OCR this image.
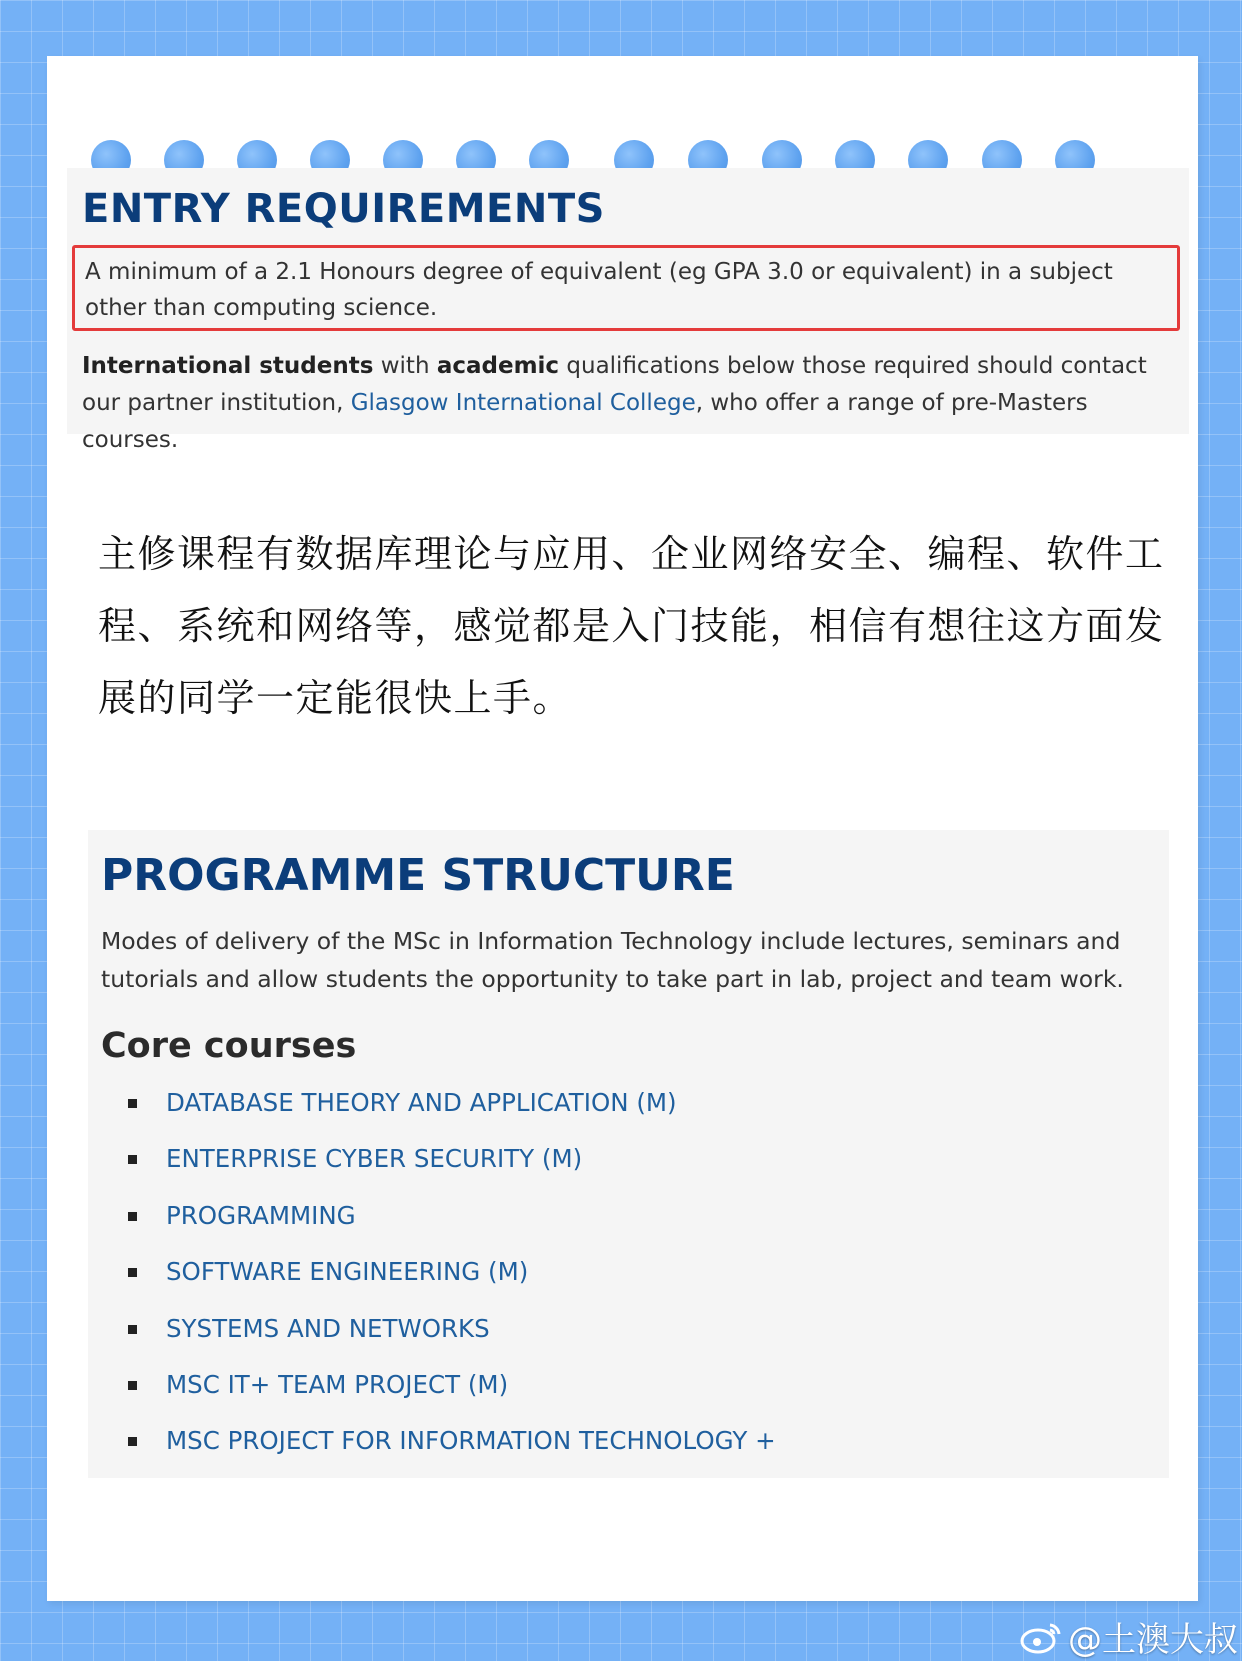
ENTRY REQUIREMENTS
A minimum of a 2.1 Honours degree of equivalent (eg GPA 3.0 or equivalent) in a subject other than computing science.

International students with academic qualifications below those required should contact our partner institution, Glasgow International College, who offer a range of pre-Masters courses.

主修课程有数据库理论与应用、企业网络安全、编程、软件工程、系统和网络等，感觉都是入门技能，相信有想往这方面发展的同学一定能很快上手。

PROGRAMME STRUCTURE

Modes of delivery of the MSc in Information Technology include lectures, seminars and tutorials and allow students the opportunity to take part in lab, project and team work.

Core courses
DATABASE THEORY AND APPLICATION (M)
ENTERPRISE CYBER SECURITY (M)
PROGRAMMING
SOFTWARE ENGINEERING (M)
SYSTEMS AND NETWORKS
MSC IT+ TEAM PROJECT (M)
MSC PROJECT FOR INFORMATION TECHNOLOGY +
@土澳大叔
